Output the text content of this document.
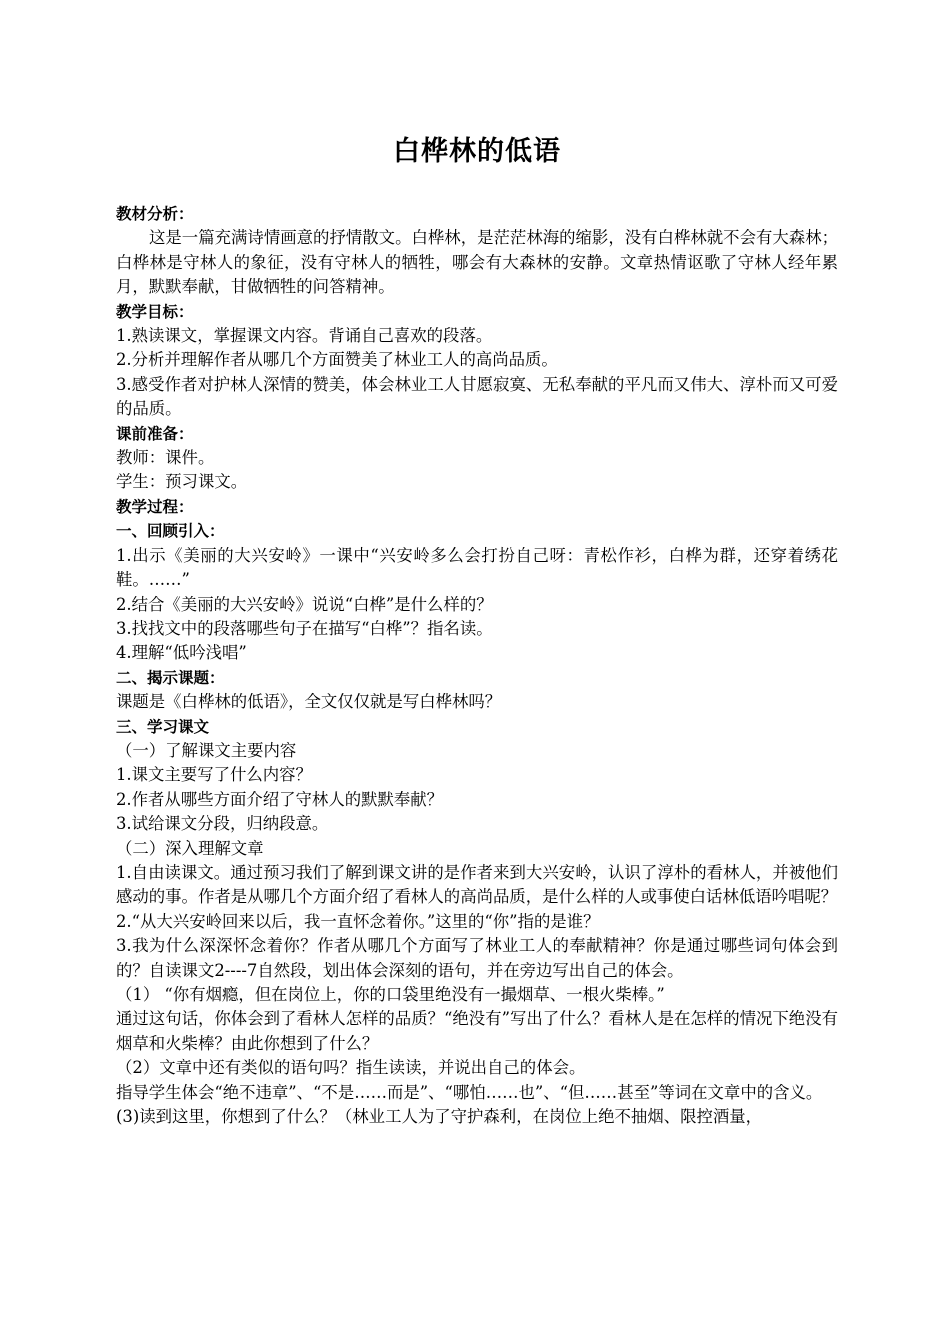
白桦林的低语
教材分析：
这是一篇充满诗情画意的抒情散文。白桦林，是茫茫林海的缩影，没有白桦林就不会有大森林；白桦林是守林人的象征，没有守林人的牺牲，哪会有大森林的安静。文章热情讴歌了守林人经年累月，默默奉献，甘做牺牲的问答精神。
教学目标：
1.熟读课文，掌握课文内容。背诵自己喜欢的段落。
2.分析并理解作者从哪几个方面赞美了林业工人的高尚品质。
3.感受作者对护林人深情的赞美，体会林业工人甘愿寂寞、无私奉献的平凡而又伟大、淳朴而又可爱的品质。
课前准备：
教师：课件。
学生：预习课文。
教学过程：
一、回顾引入：
1.出示《美丽的大兴安岭》一课中“兴安岭多么会打扮自己呀：青松作衫，白桦为群，还穿着绣花鞋。……”
2.结合《美丽的大兴安岭》说说“白桦”是什么样的？
3.找找文中的段落哪些句子在描写“白桦”？指名读。
4.理解“低吟浅唱”
二、揭示课题：
课题是《白桦林的低语》，全文仅仅就是写白桦林吗？
三、学习课文
（一）了解课文主要内容
1.课文主要写了什么内容？
2.作者从哪些方面介绍了守林人的默默奉献？
3.试给课文分段，归纳段意。
（二）深入理解文章
1.自由读课文。通过预习我们了解到课文讲的是作者来到大兴安岭，认识了淳朴的看林人，并被他们感动的事。作者是从哪几个方面介绍了看林人的高尚品质，是什么样的人或事使白话林低语吟唱呢？
2.“从大兴安岭回来以后，我一直怀念着你。”这里的“你”指的是谁？
3.我为什么深深怀念着你？作者从哪几个方面写了林业工人的奉献精神？你是通过哪些词句体会到的？自读课文2----7自然段，划出体会深刻的语句，并在旁边写出自己的体会。
（1） “你有烟瘾，但在岗位上，你的口袋里绝没有一撮烟草、一根火柴棒。”
通过这句话，你体会到了看林人怎样的品质？“绝没有”写出了什么？看林人是在怎样的情况下绝没有烟草和火柴棒？由此你想到了什么？
（2）文章中还有类似的语句吗？指生读读，并说出自己的体会。
指导学生体会“绝不违章”、“不是……而是”、“哪怕……也”、“但……甚至”等词在文章中的含义。
(3)读到这里，你想到了什么？（林业工人为了守护森利，在岗位上绝不抽烟、限控酒量，
